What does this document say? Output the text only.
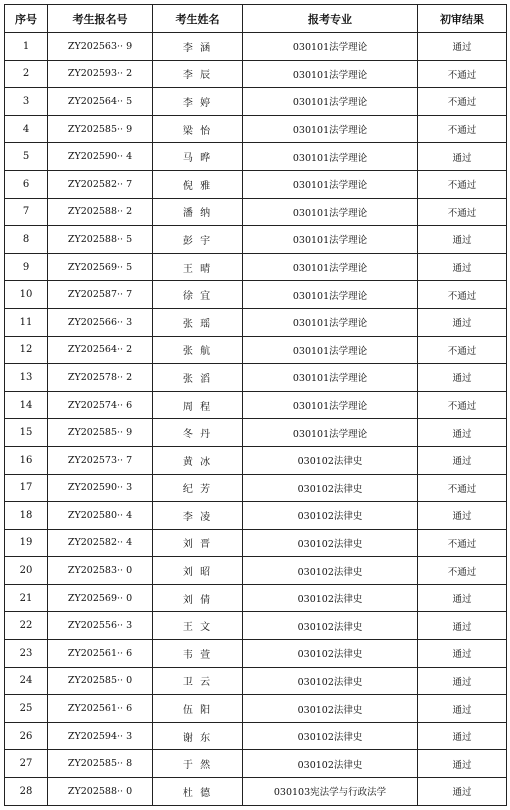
序号	考生报名号	考生姓名	报考专业	初审结果
1	ZY202563·· 9	李 涵	030101法学理论	通过
2	ZY202593·· 2	李 辰	030101法学理论	不通过
3	ZY202564·· 5	李 婷	030101法学理论	不通过
4	ZY202585·· 9	梁 怡	030101法学理论	不通过
5	ZY202590·· 4	马 晔	030101法学理论	通过
6	ZY202582·· 7	倪 雅	030101法学理论	不通过
7	ZY202588·· 2	潘 纳	030101法学理论	不通过
8	ZY202588·· 5	彭 宇	030101法学理论	通过
9	ZY202569·· 5	王 晴	030101法学理论	通过
10	ZY202587·· 7	徐 宜	030101法学理论	不通过
11	ZY202566·· 3	张 瑶	030101法学理论	通过
12	ZY202564·· 2	张 航	030101法学理论	不通过
13	ZY202578·· 2	张 滔	030101法学理论	通过
14	ZY202574·· 6	周 程	030101法学理论	不通过
15	ZY202585·· 9	冬 丹	030101法学理论	通过
16	ZY202573·· 7	黄 冰	030102法律史	通过
17	ZY202590·· 3	纪 芳	030102法律史	不通过
18	ZY202580·· 4	李 凌	030102法律史	通过
19	ZY202582·· 4	刘 晋	030102法律史	不通过
20	ZY202583·· 0	刘 昭	030102法律史	不通过
21	ZY202569·· 0	刘 倩	030102法律史	通过
22	ZY202556·· 3	王 文	030102法律史	通过
23	ZY202561·· 6	韦 萱	030102法律史	通过
24	ZY202585·· 0	卫 云	030102法律史	通过
25	ZY202561·· 6	伍 阳	030102法律史	通过
26	ZY202594·· 3	谢 东	030102法律史	通过
27	ZY202585·· 8	于 然	030102法律史	通过
28	ZY202588·· 0	杜 德	030103宪法学与行政法学	通过
